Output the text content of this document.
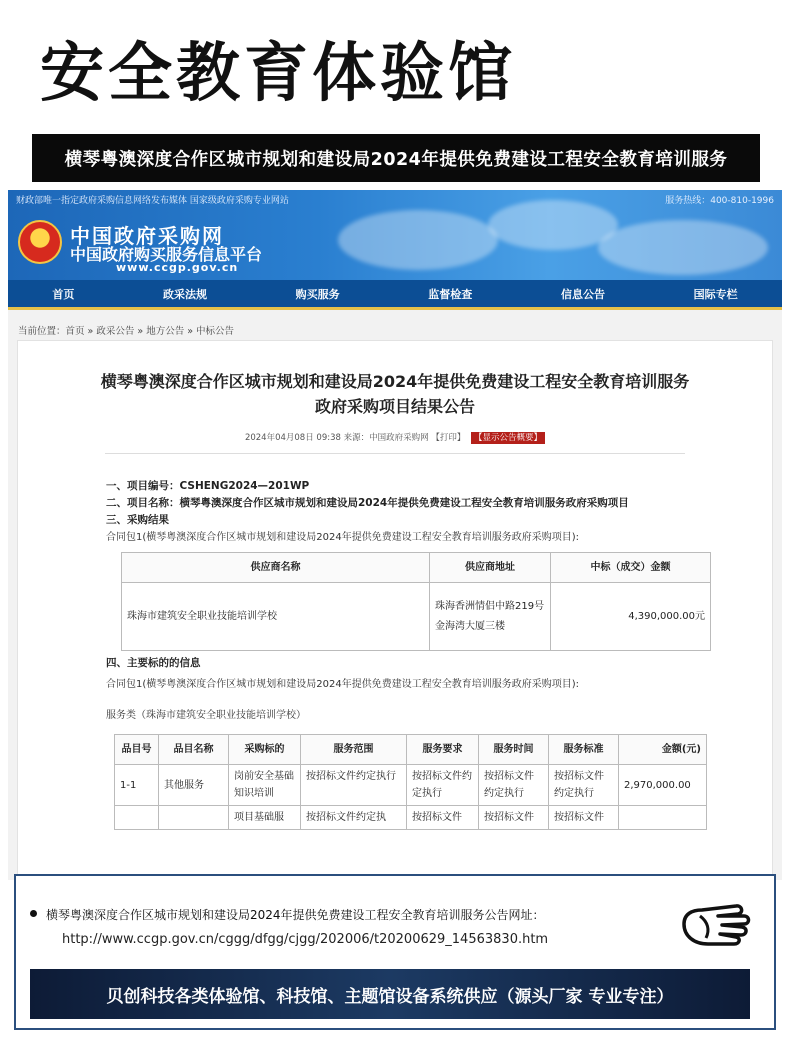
安全教育体验馆
横琴粤澳深度合作区城市规划和建设局2024年提供免费建设工程安全教育培训服务
财政部唯一指定政府采购信息网络发布媒体 国家级政府采购专业网站	服务热线：400-810-1996
中国政府采购网
中国政府购买服务信息平台
www.ccgp.gov.cn
首页	政采法规	购买服务	监督检查	信息公告	国际专栏
当前位置：首页 » 政采公告 » 地方公告 » 中标公告
横琴粤澳深度合作区城市规划和建设局2024年提供免费建设工程安全教育培训服务
政府采购项目结果公告
2024年04月08日 09:38 来源：中国政府采购网 【打印】 【显示公告概要】
一、项目编号：CSHENG2024—201WP
二、项目名称：横琴粤澳深度合作区城市规划和建设局2024年提供免费建设工程安全教育培训服务政府采购项目
三、采购结果
合同包1(横琴粤澳深度合作区城市规划和建设局2024年提供免费建设工程安全教育培训服务政府采购项目):
供应商名称	供应商地址	中标（成交）金额
珠海市建筑安全职业技能培训学校	珠海香洲情侣中路219号金海湾大厦三楼	4,390,000.00元
四、主要标的的信息
合同包1(横琴粤澳深度合作区城市规划和建设局2024年提供免费建设工程安全教育培训服务政府采购项目):
服务类（珠海市建筑安全职业技能培训学校）
品目号	品目名称	采购标的	服务范围	服务要求	服务时间	服务标准	金额(元)
1-1	其他服务	岗前安全基础知识培训	按招标文件约定执行	按招标文件约定执行	按招标文件约定执行	按招标文件约定执行	2,970,000.00
		项目基础服	按招标文件约定执	按招标文件	按招标文件	按招标文件	
横琴粤澳深度合作区城市规划和建设局2024年提供免费建设工程安全教育培训服务公告网址：
http://www.ccgp.gov.cn/cggg/dfgg/cjgg/202006/t20200629_14563830.htm
贝创科技各类体验馆、科技馆、主题馆设备系统供应（源头厂家 专业专注）
